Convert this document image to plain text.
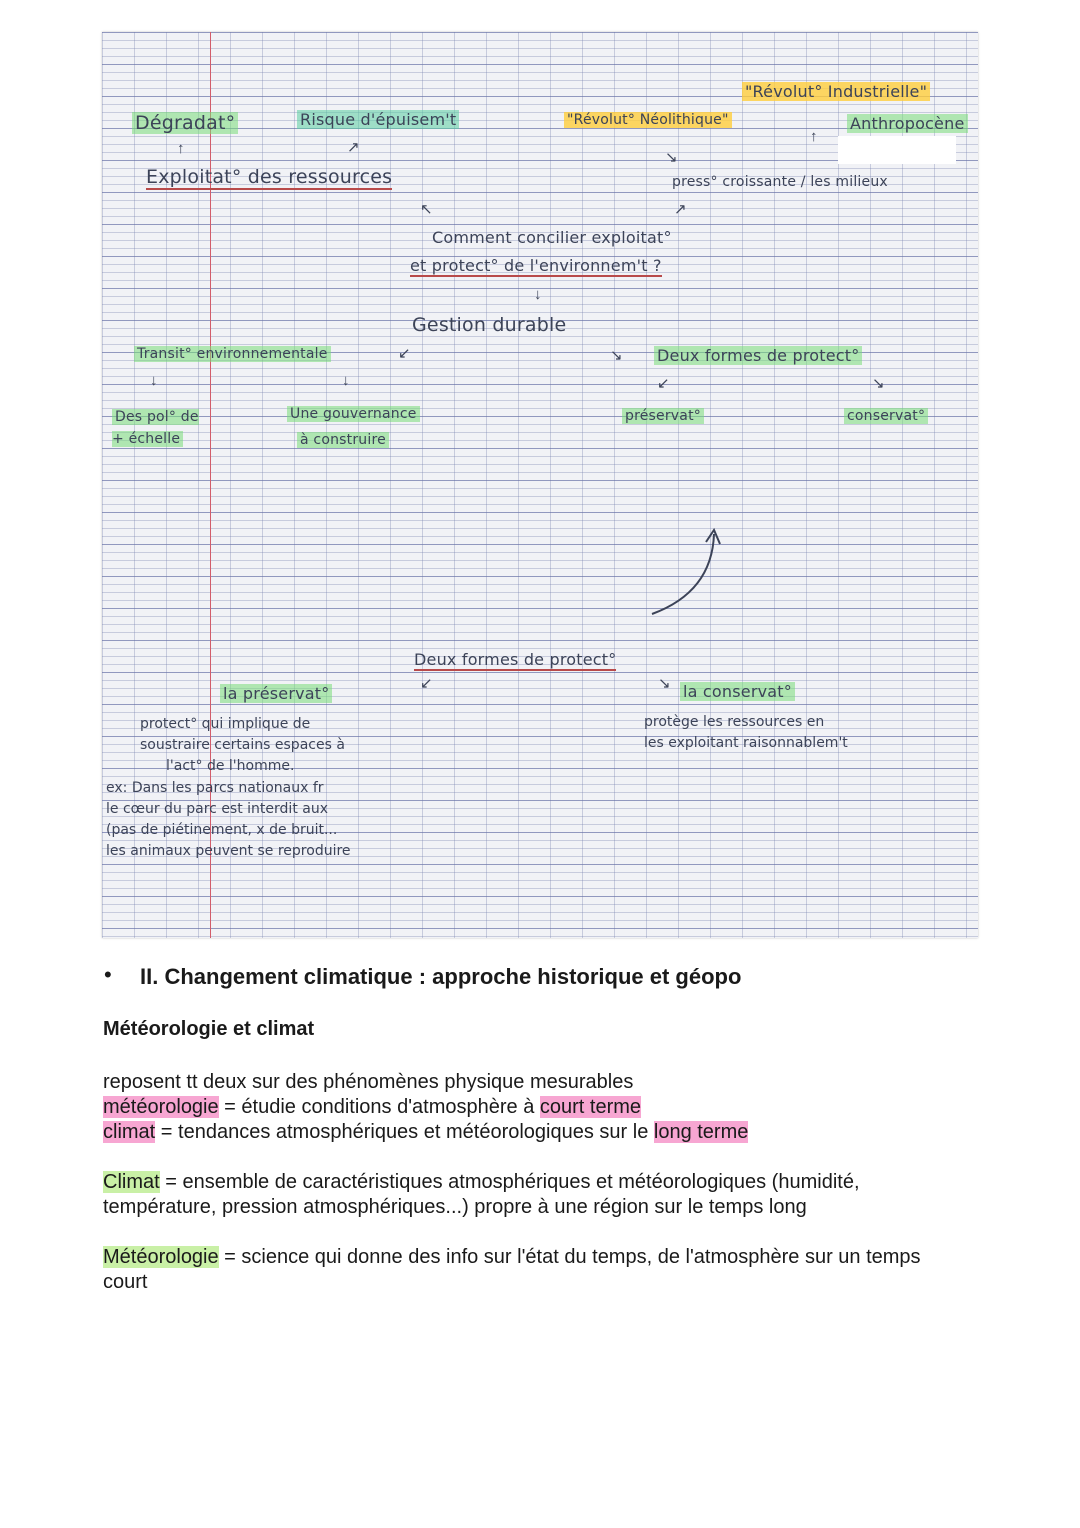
Dégradat°	Risque d'épuisem't
↑	↗
Exploitat° des ressources
"Révolut° Néolithique"
"Révolut° Industrielle"
Anthropocène
↑
↘
press° croissante / les milieux
↗
↖
Comment concilier exploitat°
et protect° de l'environnem't ?
↓
Gestion durable
↙
Transit° environnementale
↓	↓
Des pol° de + échelle
Une gouvernance
à construire
↘ Deux formes de protect°
↙	↘
préservat°	conservat°
Deux formes de protect°
↙	↘
la préservat°	la conservat°
protect° qui implique de
soustraire certains espaces à
l'act° de l'homme.
ex: Dans les parcs nationaux fr
le cœur du parc est interdit aux
(pas de piétinement, x de bruit...
les animaux peuvent se reproduire
protège les ressources en
les exploitant raisonnablem't
• II. Changement climatique : approche historique et géopo
Météorologie et climat
reposent tt deux sur des phénomènes physique mesurables
météorologie = étudie conditions d'atmosphère à court terme
climat = tendances atmosphériques et météorologiques sur le long terme
Climat = ensemble de caractéristiques atmosphériques et météorologiques (humidité, température, pression atmosphériques...) propre à une région sur le temps long
Météorologie = science qui donne des info sur l'état du temps, de l'atmosphère sur un temps court
